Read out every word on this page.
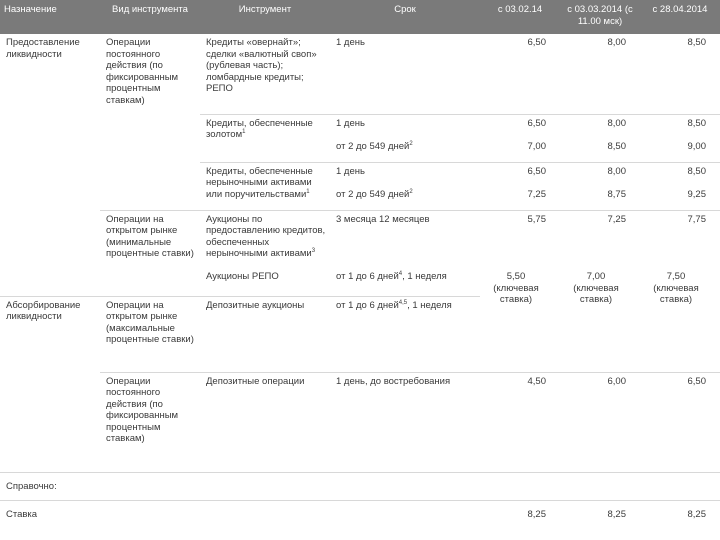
Назначение	Вид инструмента	Инструмент	Срок	с 03.02.14	с 03.03.2014 (с 11.00 мск)	с 28.04.2014
Предоставление ликвидности	Операции постоянного действия (по фиксированным процентным ставкам)	Кредиты «овернайт»; сделки «валютный своп» (рублевая часть); ломбардные кредиты; РЕПО	1 день	6,50	8,00	8,50
		Кредиты, обеспеченные золотом$^1$	1 день	6,50	8,00	8,50
			от 2 до 549 дней$^2$	7,00	8,50	9,00
		Кредиты, обеспеченные нерыночными активами или поручительствами$^1$	1 день	6,50	8,00	8,50
			от 2 до 549 дней$^2$	7,25	8,75	9,25
	Операции на открытом рынке (минимальные процентные ставки)	Аукционы по предоставлению кредитов, обеспеченных нерыночными активами$^3$	3 месяца 12 месяцев	5,75	7,25	7,75
		Аукционы РЕПО	от 1 до 6 дней$^4$, 1 неделя	5,50 (ключевая ставка)	7,00 (ключевая ставка)	7,50 (ключевая ставка)
Абсорбирование ликвидности	Операции на открытом рынке (максимальные процентные ставки)	Депозитные аукционы	от 1 до 6 дней$^{4,5}$, 1 неделя			
	Операции постоянного действия (по фиксированным процентным ставкам)	Депозитные операции	1 день, до востребования	4,50	6,00	6,50
Справочно:						
Ставка				8,25	8,25	8,25
